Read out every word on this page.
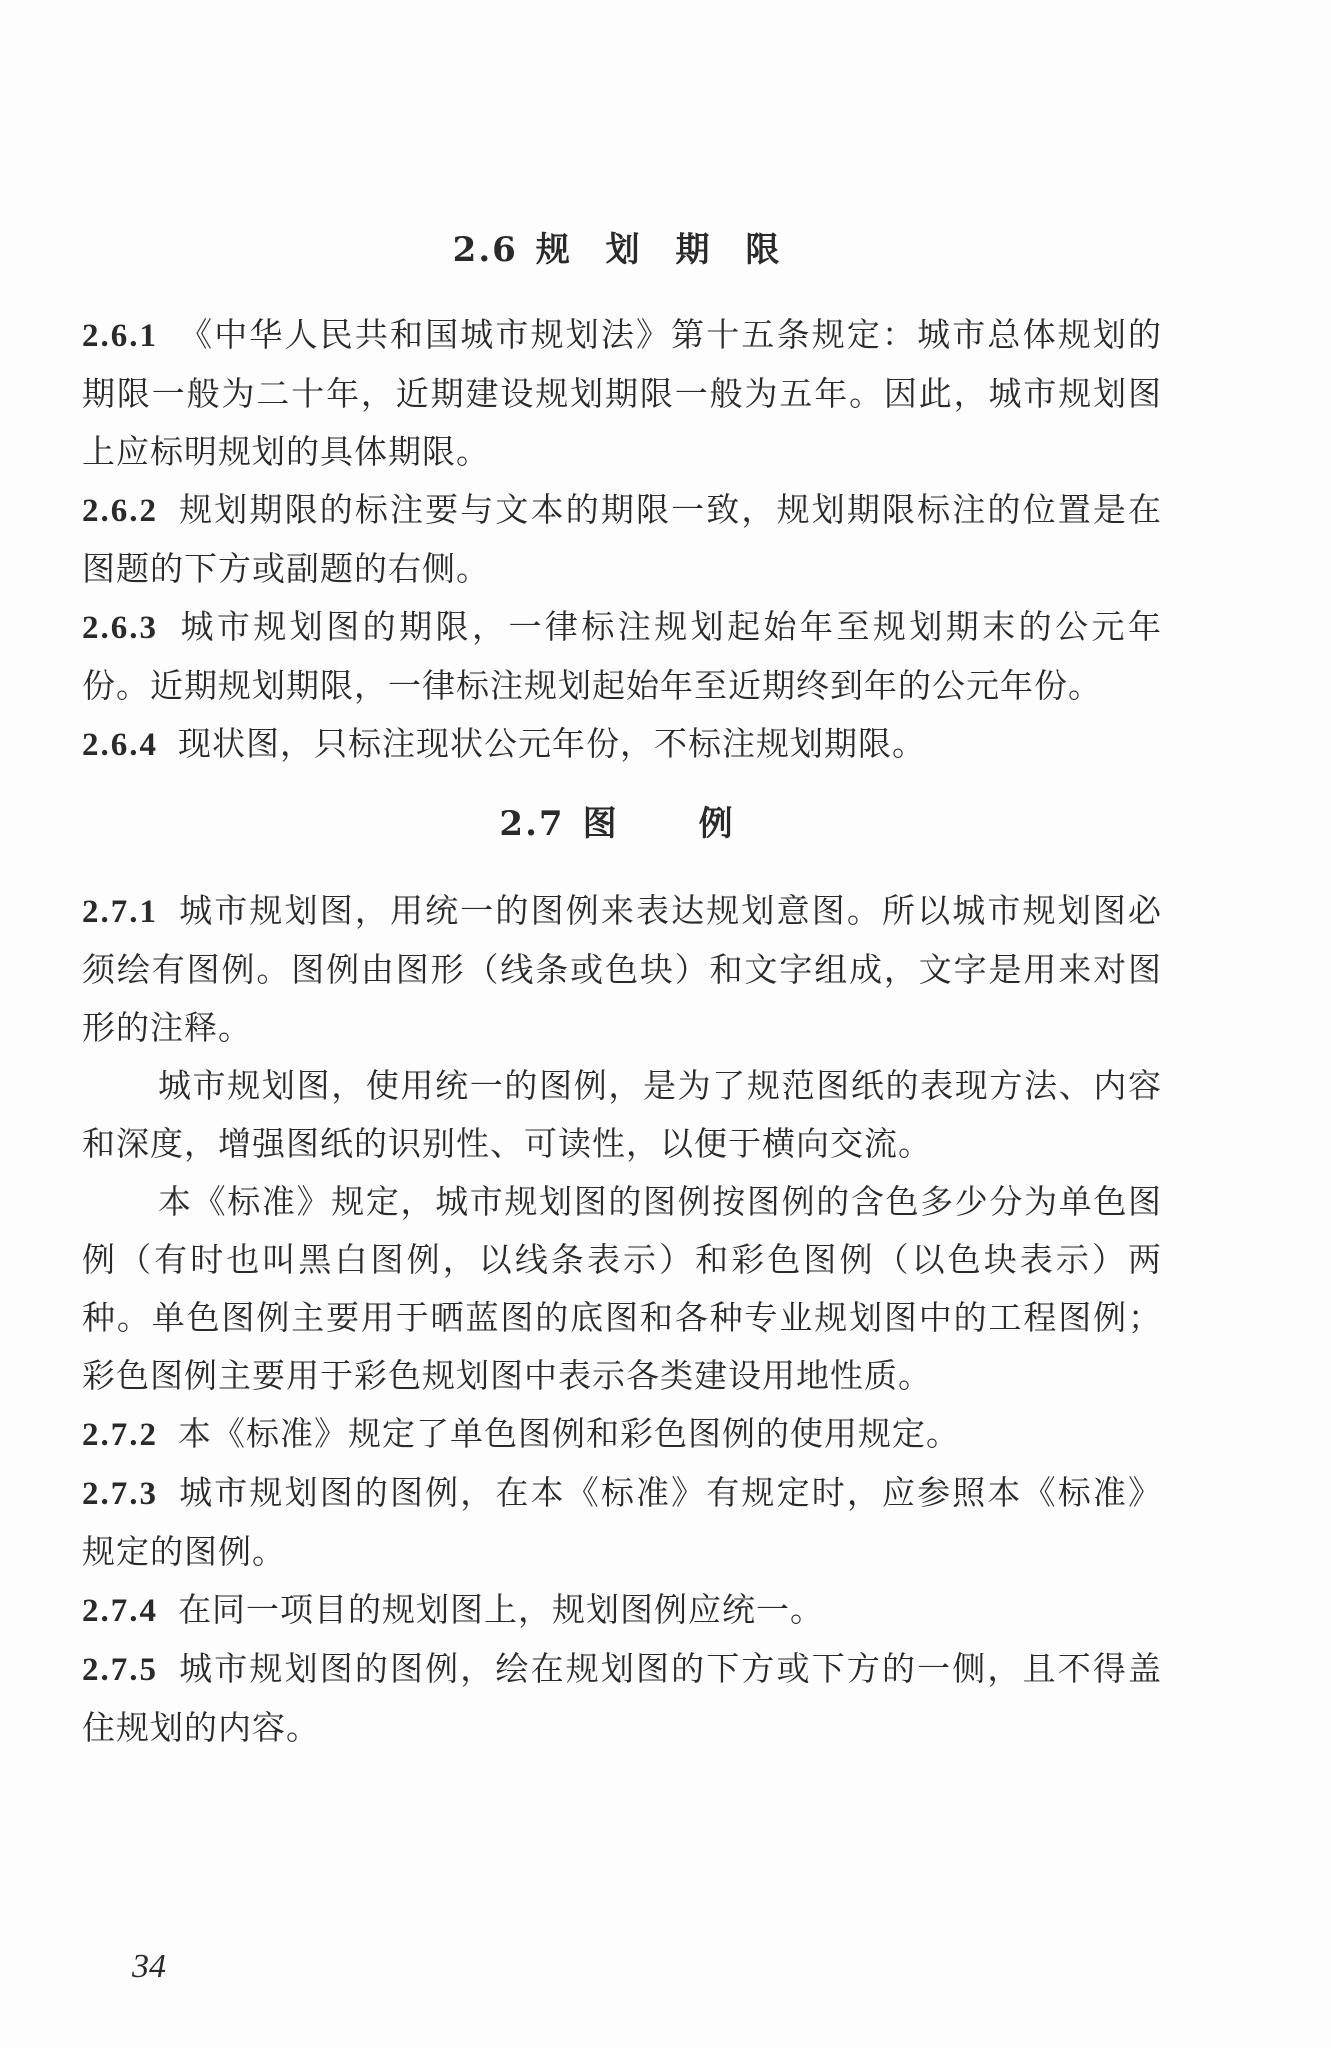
2.6 规 划 期 限

2.6.1 《中华人民共和国城市规划法》第十五条规定：城市总体规划的期限一般为二十年，近期建设规划期限一般为五年。因此，城市规划图上应标明规划的具体期限。

2.6.2 规划期限的标注要与文本的期限一致，规划期限标注的位置是在图题的下方或副题的右侧。

2.6.3 城市规划图的期限，一律标注规划起始年至规划期末的公元年份。近期规划期限，一律标注规划起始年至近期终到年的公元年份。

2.6.4 现状图，只标注现状公元年份，不标注规划期限。

2.7 图 例

2.7.1 城市规划图，用统一的图例来表达规划意图。所以城市规划图必须绘有图例。图例由图形（线条或色块）和文字组成，文字是用来对图形的注释。

城市规划图，使用统一的图例，是为了规范图纸的表现方法、内容和深度，增强图纸的识别性、可读性，以便于横向交流。

本《标准》规定，城市规划图的图例按图例的含色多少分为单色图例（有时也叫黑白图例，以线条表示）和彩色图例（以色块表示）两种。单色图例主要用于晒蓝图的底图和各种专业规划图中的工程图例；彩色图例主要用于彩色规划图中表示各类建设用地性质。

2.7.2 本《标准》规定了单色图例和彩色图例的使用规定。

2.7.3 城市规划图的图例，在本《标准》有规定时，应参照本《标准》规定的图例。

2.7.4 在同一项目的规划图上，规划图例应统一。

2.7.5 城市规划图的图例，绘在规划图的下方或下方的一侧，且不得盖住规划的内容。

34
